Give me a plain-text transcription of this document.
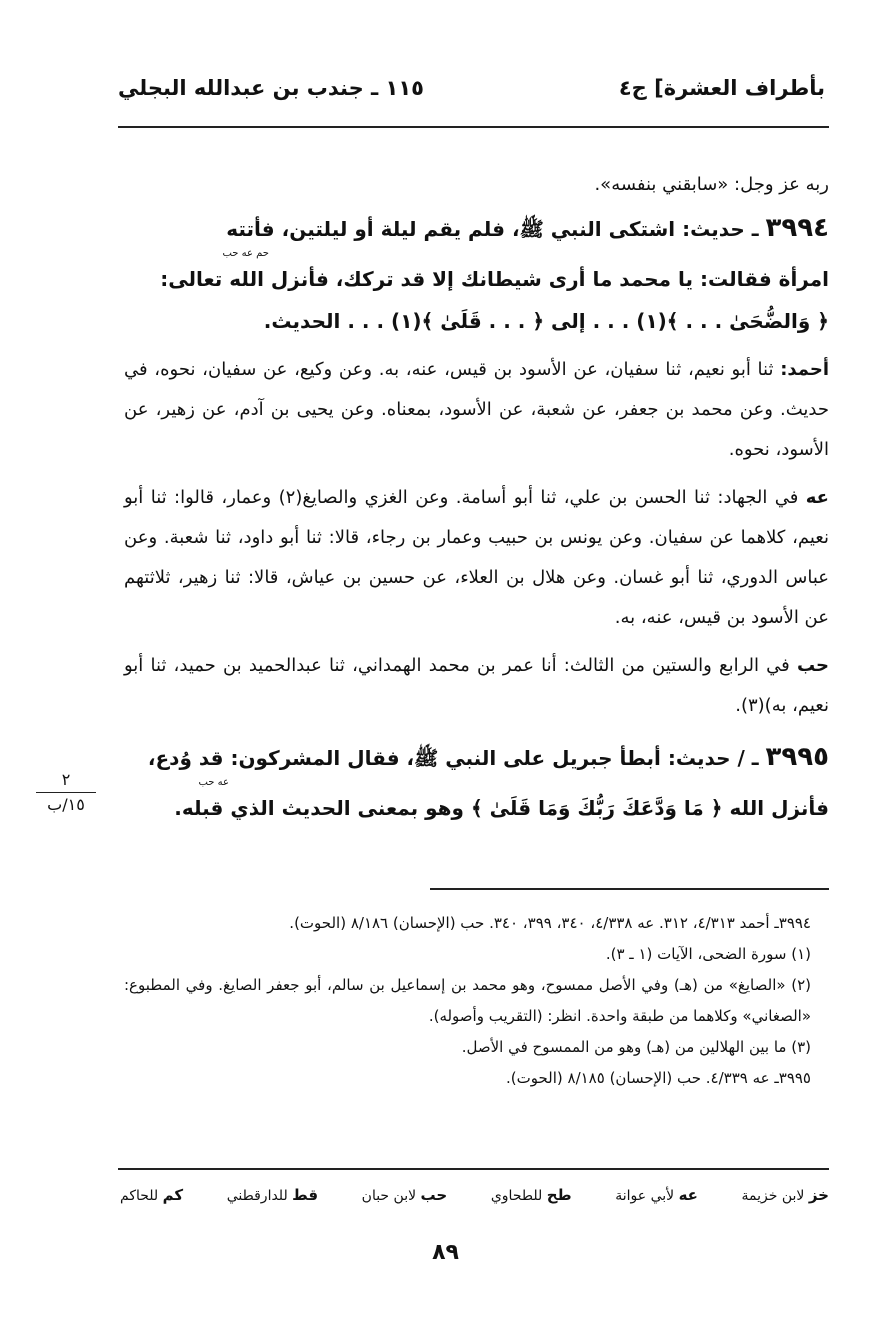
بأطراف العشرة] ج٤
١١٥ ـ جندب بن عبدالله البجلي

ربه عز وجل: «سابقني بنفسه».

٣٩٩٤ ـ حديث: اشتكى النبي ﷺ، فلم يقم ليلة أو ليلتين، فأتته

حم عه حب

امرأة فقالت: يا محمد ما أرى شيطانك إلا قد تركك، فأنزل الله تعالى:

﴿ وَالضُّحَىٰ . . . ﴾(١) . . . إلى ﴿ . . . قَلَىٰ ﴾(١) . . . الحديث.

أحمد: ثنا أبو نعيم، ثنا سفيان، عن الأسود بن قيس، عنه، به. وعن وكيع، عن سفيان، نحوه، في حديث. وعن محمد بن جعفر، عن شعبة، عن الأسود، بمعناه. وعن يحيى بن آدم، عن زهير، عن الأسود، نحوه.

عه في الجهاد: ثنا الحسن بن علي، ثنا أبو أسامة. وعن الغزي والصايغ(٢) وعمار، قالوا: ثنا أبو نعيم، كلاهما عن سفيان. وعن يونس بن حبيب وعمار بن رجاء، قالا: ثنا أبو داود، ثنا شعبة. وعن عباس الدوري، ثنا أبو غسان. وعن هلال بن العلاء، عن حسين بن عياش، قالا: ثنا زهير، ثلاثتهم عن الأسود بن قيس، عنه، به.

حب في الرابع والستين من الثالث: أنا عمر بن محمد الهمداني، ثنا عبدالحميد بن حميد، ثنا أبو نعيم، به)(٣).

٣٩٩٥ ـ / حديث: أبطأ جبريل على النبي ﷺ، فقال المشركون: قد وُدع،

عه حب

فأنزل الله ﴿ مَا وَدَّعَكَ رَبُّكَ وَمَا قَلَىٰ ﴾ وهو بمعنى الحديث الذي قبله.

٢
١٥/ب

٣٩٩٤ـ أحمد ٤/٣١٣، ٣١٢. عه ٤/٣٣٨، ٣٤٠، ٣٩٩، ٣٤٠. حب (الإحسان) ٨/١٨٦ (الحوت).

(١) سورة الضحى، الآيات (١ ـ ٣).

(٢) «الصايغ» من (هـ) وفي الأصل ممسوح، وهو محمد بن إسماعيل بن سالم، أبو جعفر الصايغ. وفي المطبوع: «الصغاني» وكلاهما من طبقة واحدة. انظر: (التقريب وأصوله).

(٣) ما بين الهلالين من (هـ) وهو من الممسوح في الأصل.

٣٩٩٥ـ عه ٤/٣٣٩. حب (الإحسان) ٨/١٨٥ (الحوت).

خز لابن خزيمة
عه لأبي عوانة
طح للطحاوي
حب لابن حبان
قط للدارقطني
كم للحاكم
٨٩
